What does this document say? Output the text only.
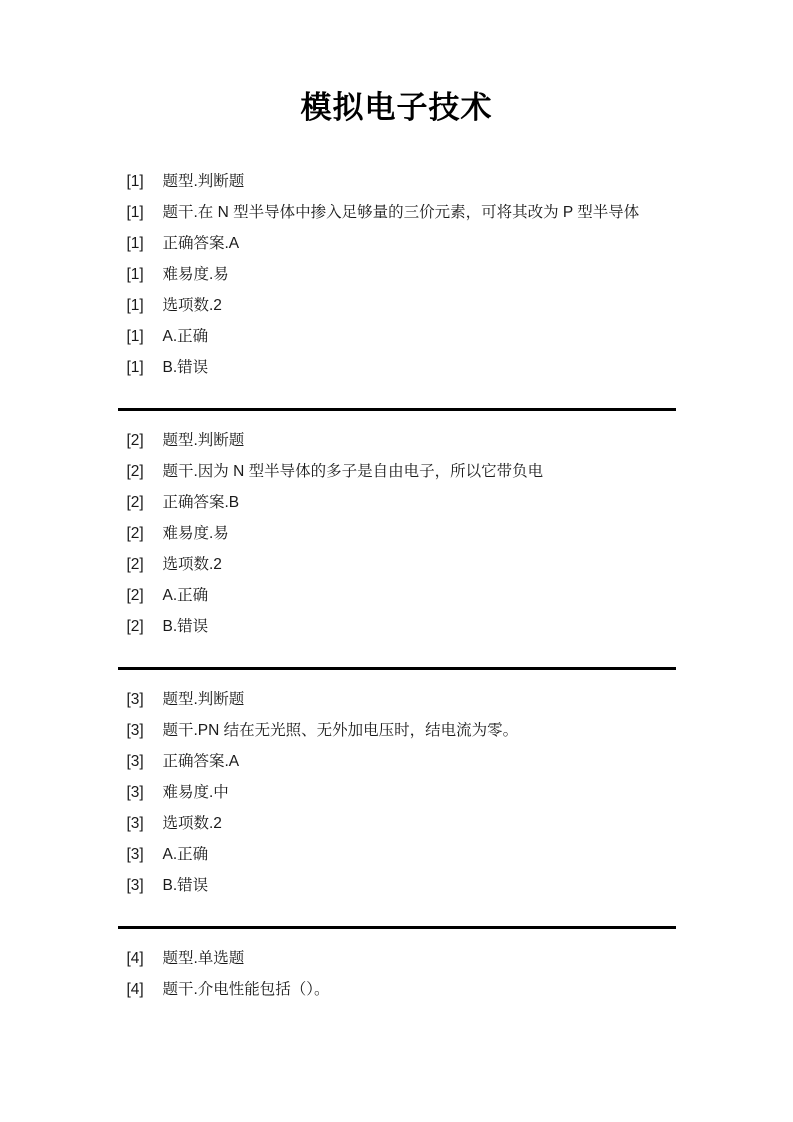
模拟电子技术
[1] 题型.判断题
[1] 题干.在 N 型半导体中掺入足够量的三价元素，可将其改为 P 型半导体
[1] 正确答案.A
[1] 难易度.易
[1] 选项数.2
[1] A.正确
[1] B.错误
[2] 题型.判断题
[2] 题干.因为 N 型半导体的多子是自由电子，所以它带负电
[2] 正确答案.B
[2] 难易度.易
[2] 选项数.2
[2] A.正确
[2] B.错误
[3] 题型.判断题
[3] 题干.PN 结在无光照、无外加电压时，结电流为零。
[3] 正确答案.A
[3] 难易度.中
[3] 选项数.2
[3] A.正确
[3] B.错误
[4] 题型.单选题
[4] 题干.介电性能包括（）。
